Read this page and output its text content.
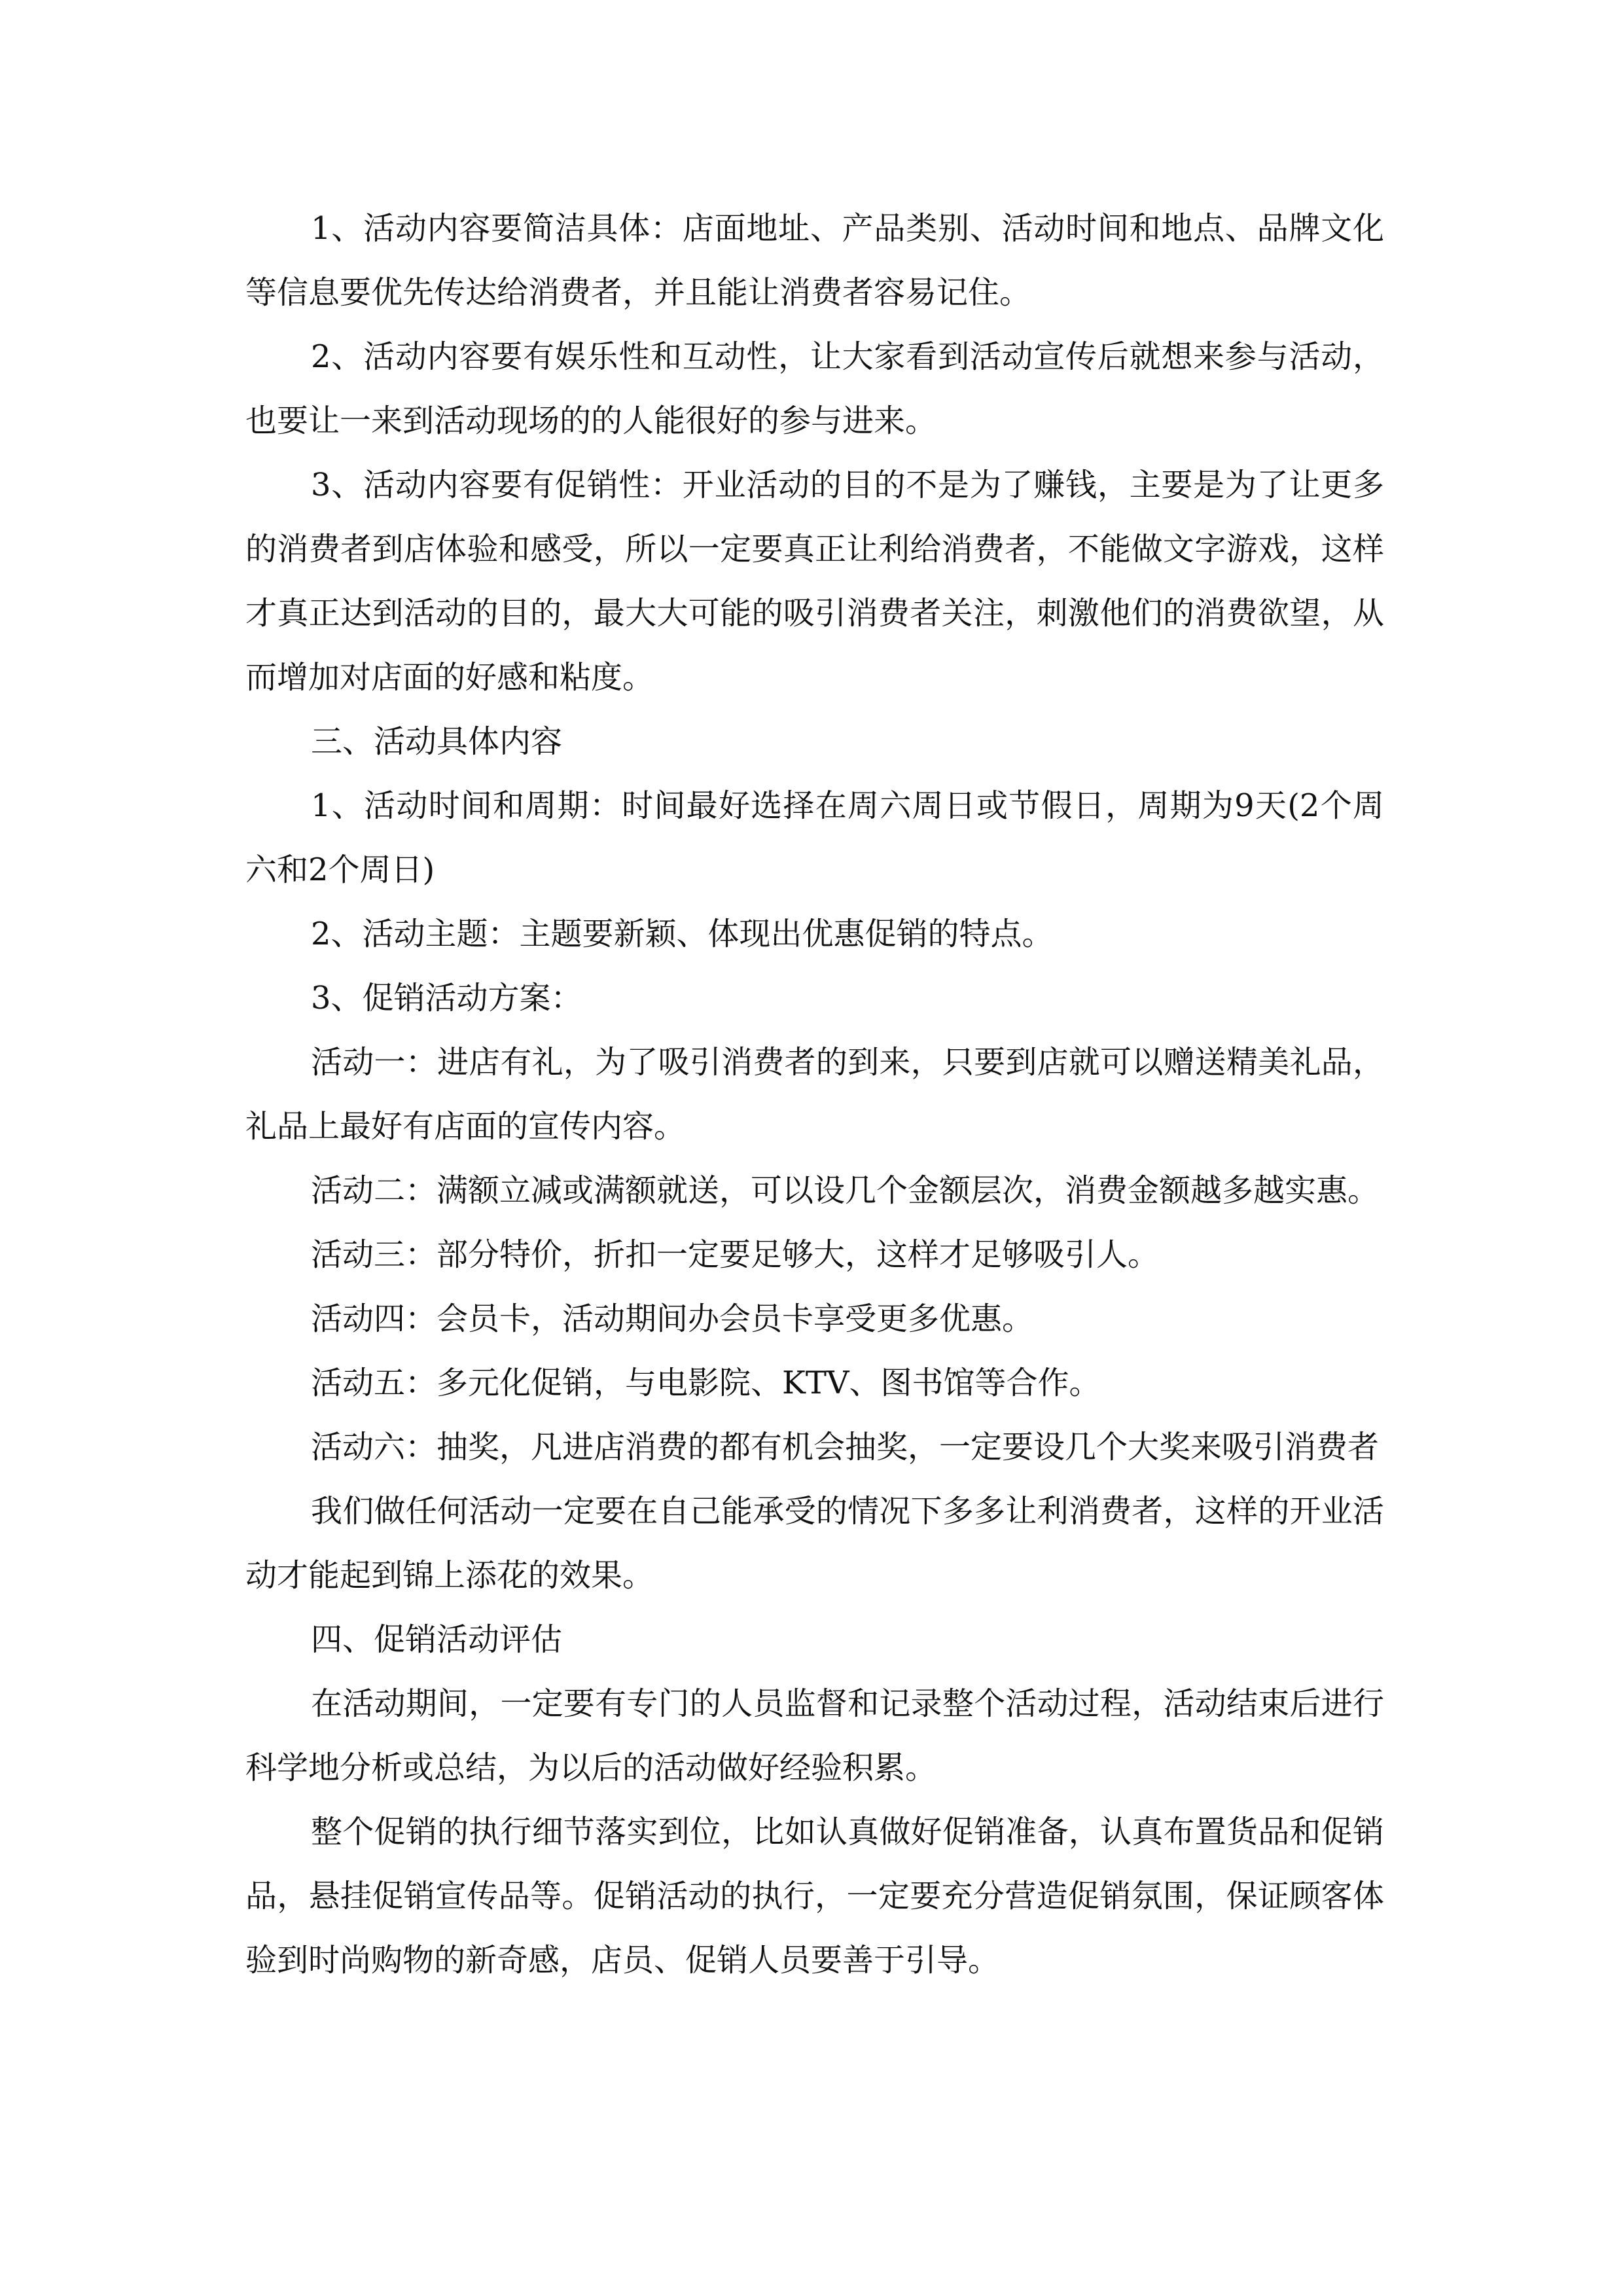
1、活动内容要简洁具体：店面地址、产品类别、活动时间和地点、品牌文化等信息要优先传达给消费者，并且能让消费者容易记住。

2、活动内容要有娱乐性和互动性，让大家看到活动宣传后就想来参与活动，也要让一来到活动现场的的人能很好的参与进来。

3、活动内容要有促销性：开业活动的目的不是为了赚钱，主要是为了让更多的消费者到店体验和感受，所以一定要真正让利给消费者，不能做文字游戏，这样才真正达到活动的目的，最大大可能的吸引消费者关注，刺激他们的消费欲望，从而增加对店面的好感和粘度。

三、活动具体内容

1、活动时间和周期：时间最好选择在周六周日或节假日，周期为9天(2个周六和2个周日)

2、活动主题：主题要新颖、体现出优惠促销的特点。

3、促销活动方案：

活动一：进店有礼，为了吸引消费者的到来，只要到店就可以赠送精美礼品，礼品上最好有店面的宣传内容。

活动二：满额立减或满额就送，可以设几个金额层次，消费金额越多越实惠。

活动三：部分特价，折扣一定要足够大，这样才足够吸引人。

活动四：会员卡，活动期间办会员卡享受更多优惠。

活动五：多元化促销，与电影院、KTV、图书馆等合作。

活动六：抽奖，凡进店消费的都有机会抽奖，一定要设几个大奖来吸引消费者

我们做任何活动一定要在自己能承受的情况下多多让利消费者，这样的开业活动才能起到锦上添花的效果。

四、促销活动评估

在活动期间，一定要有专门的人员监督和记录整个活动过程，活动结束后进行科学地分析或总结，为以后的活动做好经验积累。

整个促销的执行细节落实到位，比如认真做好促销准备，认真布置货品和促销品，悬挂促销宣传品等。促销活动的执行，一定要充分营造促销氛围，保证顾客体验到时尚购物的新奇感，店员、促销人员要善于引导。
